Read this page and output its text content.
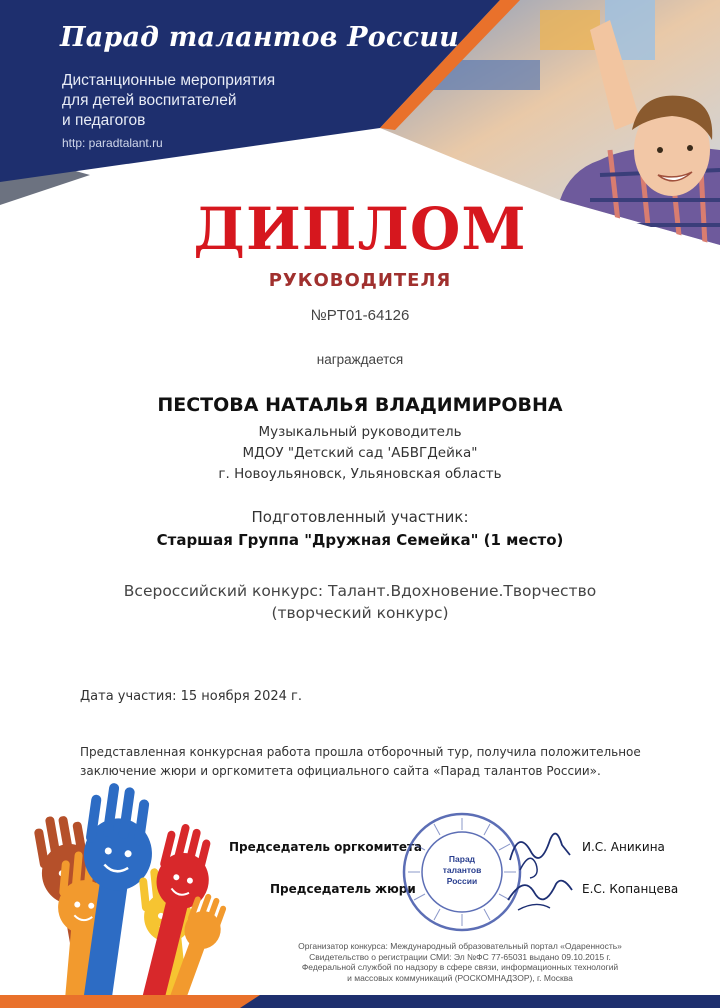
Парад талантов России
Дистанционные мероприятия
для детей воспитателей
и педагогов
http: paradtalant.ru
ДИПЛОМ
РУКОВОДИТЕЛЯ
№PT01-64126
награждается
ПЕСТОВА НАТАЛЬЯ ВЛАДИМИРОВНА
Музыкальный руководитель
МДОУ "Детский сад 'АБВГДейка"
г. Новоульяновск, Ульяновская область
Подготовленный участник:
Старшая Группа "Дружная Семейка" (1 место)
Всероссийский конкурс: Талант.Вдохновение.Творчество
(творческий конкурс)
Дата участия: 15 ноября 2024 г.
Представленная конкурсная работа прошла отборочный тур, получила положительное
заключение жюри и оргкомитета официального сайта «Парад талантов России».
Председатель оргкомитета	И.С. Аникина
Председатель жюри	Е.С. Копанцева
Парад
талантов
России
Организатор конкурса: Международный образовательный портал «Одаренность»
Свидетельство о регистрации СМИ: Эл №ФС 77-65031 выдано 09.10.2015 г.
Федеральной службой по надзору в сфере связи, информационных технологий
и массовых коммуникаций (РОСКОМНАДЗОР), г. Москва
